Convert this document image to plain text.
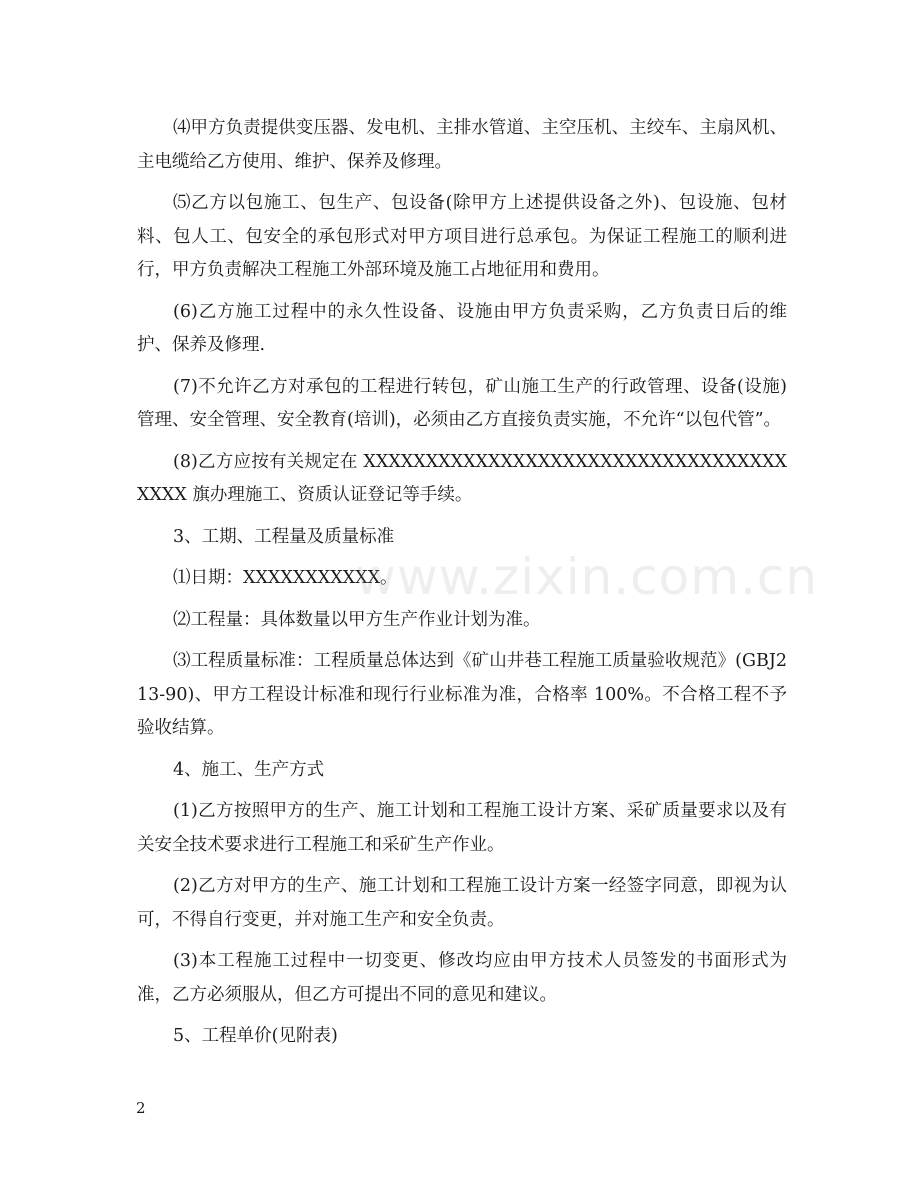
⑷甲方负责提供变压器、发电机、主排水管道、主空压机、主绞车、主扇风机、主电缆给乙方使用、维护、保养及修理。

⑸乙方以包施工、包生产、包设备(除甲方上述提供设备之外)、包设施、包材料、包人工、包安全的承包形式对甲方项目进行总承包。为保证工程施工的顺利进行，甲方负责解决工程施工外部环境及施工占地征用和费用。

(6)乙方施工过程中的永久性设备、设施由甲方负责采购，乙方负责日后的维护、保养及修理.

(7)不允许乙方对承包的工程进行转包，矿山施工生产的行政管理、设备(设施)管理、安全管理、安全教育(培训)，必须由乙方直接负责实施，不允许“以包代管”。

(8)乙方应按有关规定在 XXXXXXXXXXXXXXXXXXXXXXXXXXXXXXXXXXXXXX 旗办理施工、资质认证登记等手续。

3、工期、工程量及质量标准

⑴日期：XXXXXXXXXXX。

⑵工程量：具体数量以甲方生产作业计划为准。

⑶工程质量标准：工程质量总体达到《矿山井巷工程施工质量验收规范》(GBJ213-90)、甲方工程设计标准和现行行业标准为准，合格率 100%。不合格工程不予验收结算。

4、施工、生产方式

(1)乙方按照甲方的生产、施工计划和工程施工设计方案、采矿质量要求以及有关安全技术要求进行工程施工和采矿生产作业。

(2)乙方对甲方的生产、施工计划和工程施工设计方案一经签字同意，即视为认可，不得自行变更，并对施工生产和安全负责。

(3)本工程施工过程中一切变更、修改均应由甲方技术人员签发的书面形式为准，乙方必须服从，但乙方可提出不同的意见和建议。

5、工程单价(见附表)

www.zixin.com.cn
2
